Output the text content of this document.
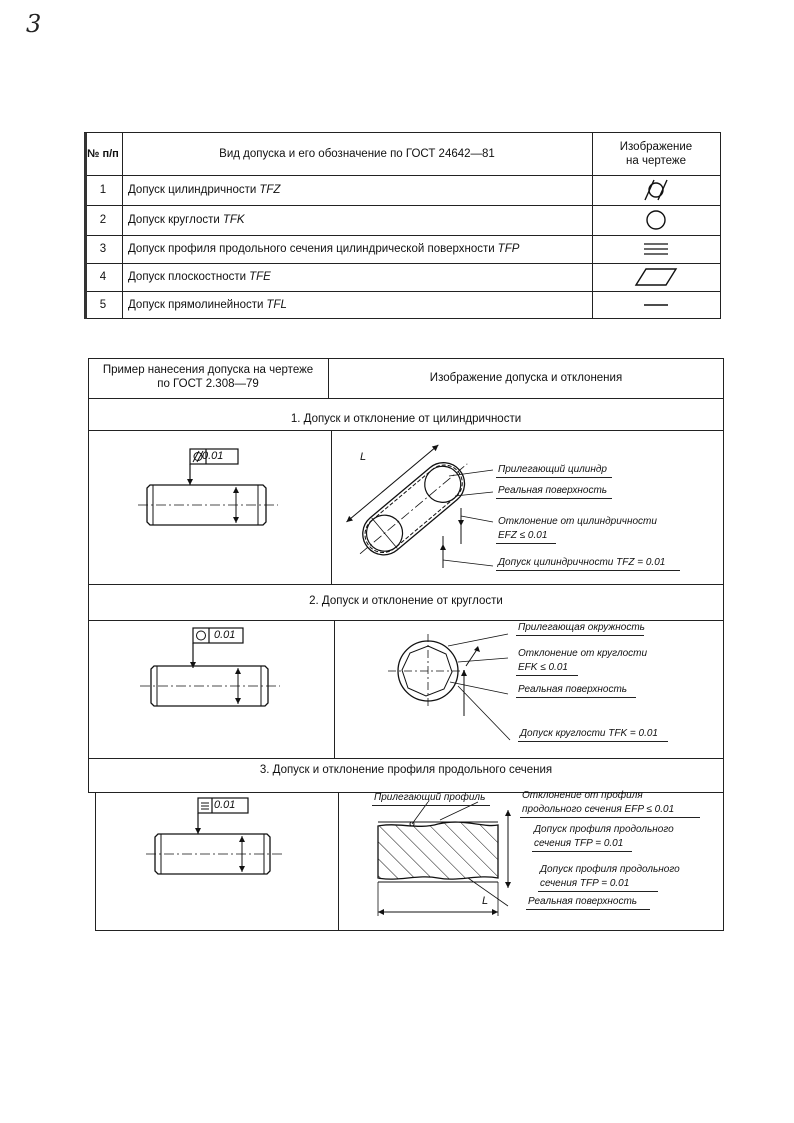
3
№ п/п	Вид допуска и его обозначение по ГОСТ 24642—81
Изображение
на чертеже
1	Допуск цилиндричности TFZ
2	Допуск круглости TFK
3	Допуск профиля продольного сечения цилиндрической поверхности TFP
4	Допуск плоскостности TFE
5	Допуск прямолинейности TFL
Пример нанесения допуска на чертеже
по ГОСТ 2.308—79	Изображение допуска и отклонения
1. Допуск и отклонение от цилиндричности
2. Допуск и отклонение от круглости
3. Допуск и отклонение профиля продольного сечения
0.01	L
Прилегающий цилиндр
Реальная поверхность
Отклонение от цилиндричности
EFZ ≤ 0.01
Допуск цилиндричности TFZ = 0.01
0.01
Прилегающая окружность
Отклонение от круглости
EFK ≤ 0.01
Реальная поверхность
Допуск круглости TFK = 0.01
0.01
L
Прилегающий профиль	Отклонение от профиля
продольного сечения EFP ≤ 0.01
Допуск профиля продольного
сечения TFP = 0.01
Допуск профиля продольного
сечения TFP = 0.01
Реальная поверхность
